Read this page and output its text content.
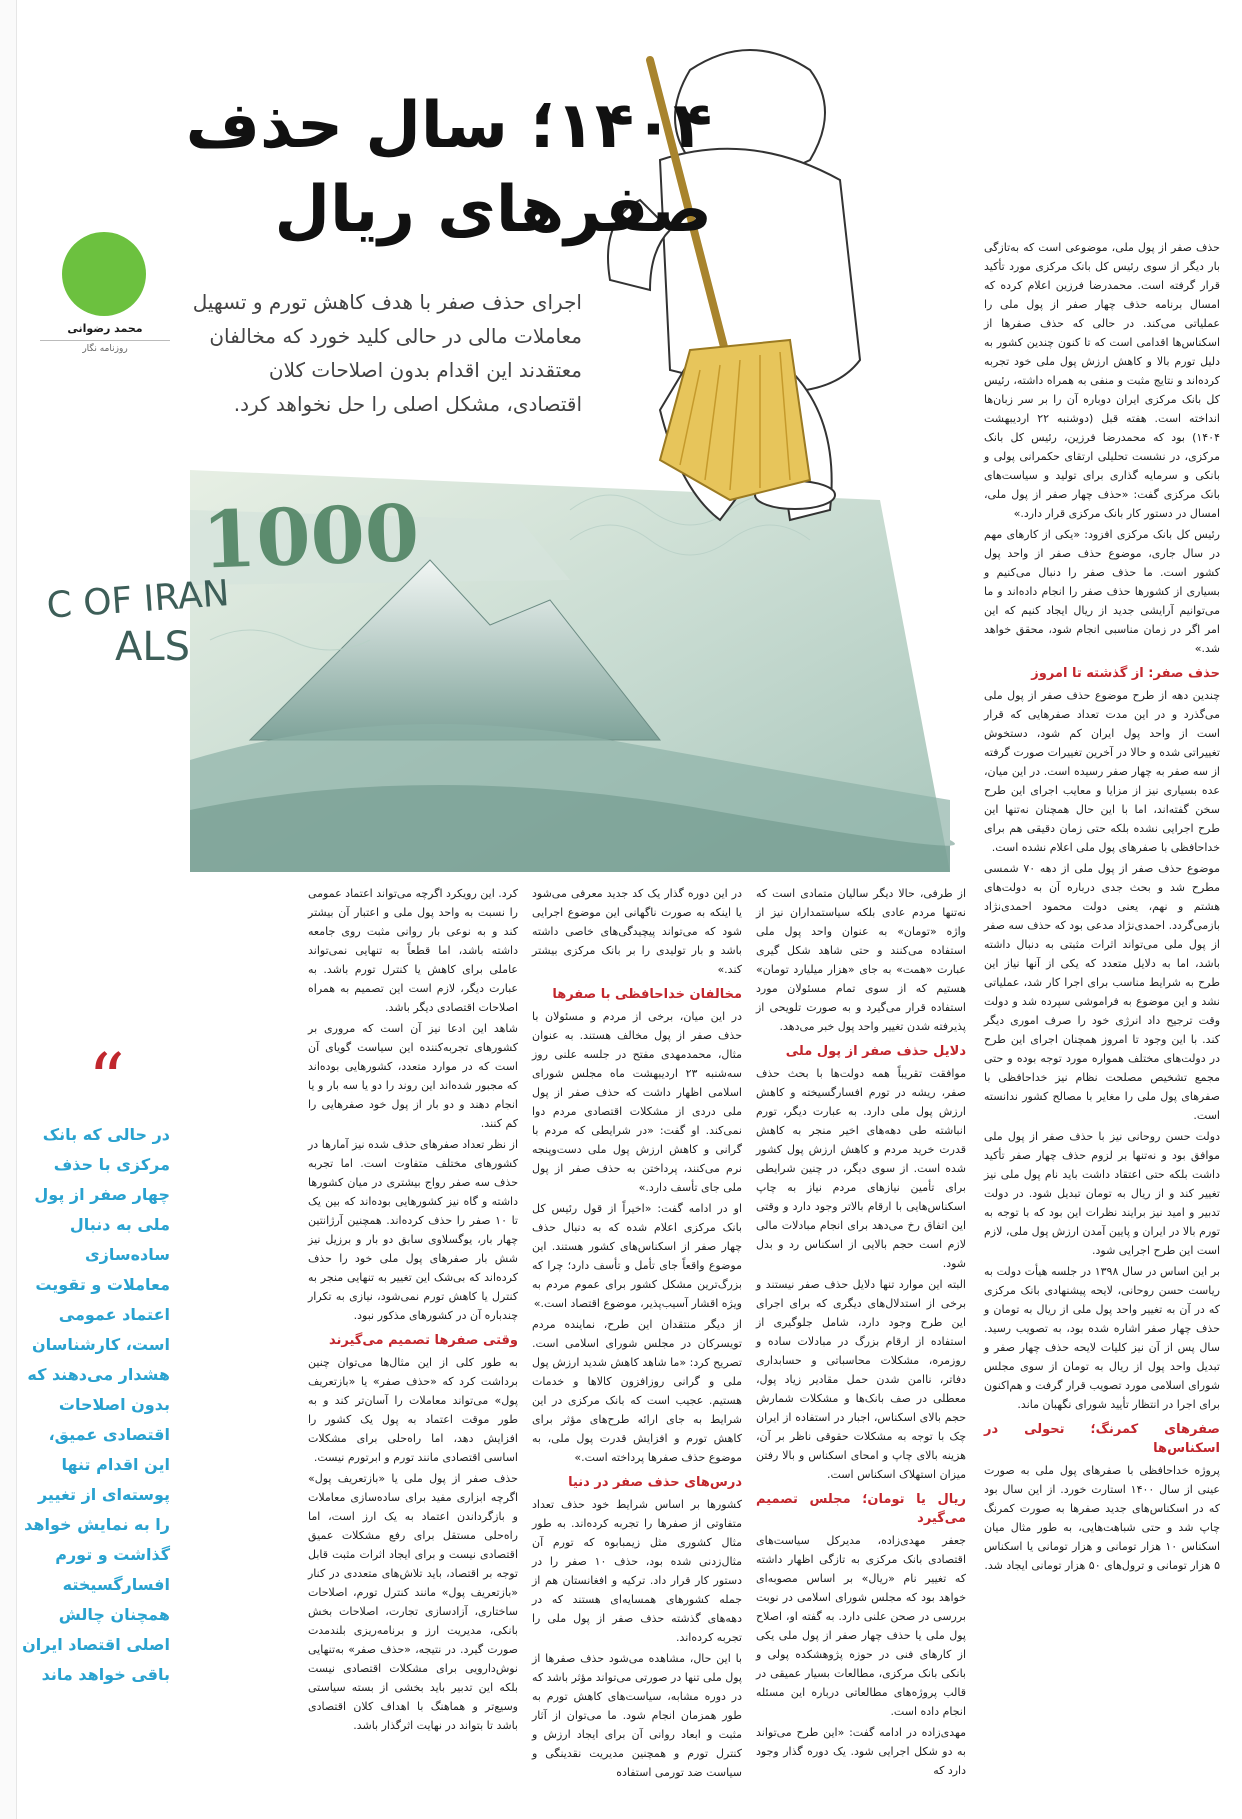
1000
C OF IRAN
ALS
۱۴۰۴؛ سال حذف
صفرهای ریال
اجرای حذف صفر با هدف کاهش تورم و تسهیل معاملات مالی در حالی کلید خورد که مخالفان معتقدند این اقدام بدون اصلاحات کلان اقتصادی، مشکل اصلی را حل نخواهد کرد.
محمد رضوانی
روزنامه نگار

حذف صفر از پول ملی، موضوعی است که به‌تازگی بار دیگر از سوی رئیس کل بانک مرکزی مورد تأکید قرار گرفته است. محمدرضا فرزین اعلام کرده که امسال برنامه حذف چهار صفر از پول ملی را عملیاتی می‌کند. در حالی که حذف صفرها از اسکناس‌ها اقدامی است که تا کنون چندین کشور به دلیل تورم بالا و کاهش ارزش پول ملی خود تجربه کرده‌اند و نتایج مثبت و منفی به همراه داشته، رئیس کل بانک مرکزی ایران دوباره آن را بر سر زبان‌ها انداخته است. هفته قبل (دوشنبه ۲۲ اردیبهشت ۱۴۰۴) بود که محمدرضا فرزین، رئیس کل بانک مرکزی، در نشست تحلیلی ارتقای حکمرانی پولی و بانکی و سرمایه گذاری برای تولید و سیاست‌های بانک مرکزی گفت: «حذف چهار صفر از پول ملی، امسال در دستور کار بانک مرکزی قرار دارد.»

رئیس کل بانک مرکزی افزود: «یکی از کارهای مهم در سال جاری، موضوع حذف صفر از واحد پول کشور است. ما حذف صفر را دنبال می‌کنیم و بسیاری از کشورها حذف صفر را انجام داده‌اند و ما می‌توانیم آرایشی جدید از ریال ایجاد کنیم که این امر اگر در زمان مناسبی انجام شود، محقق خواهد شد.»

حذف صفر: از گذشته تا امروز

چندین دهه از طرح موضوع حذف صفر از پول ملی می‌گذرد و در این مدت تعداد صفرهایی که قرار است از واحد پول ایران کم شود، دستخوش تغییراتی شده و حالا در آخرین تغییرات صورت گرفته از سه صفر به چهار صفر رسیده است. در این میان، عده بسیاری نیز از مزایا و معایب اجرای این طرح سخن گفته‌اند، اما با این حال همچنان نه‌تنها این طرح اجرایی نشده بلکه حتی زمان دقیقی هم برای خداحافظی با صفرهای پول ملی اعلام نشده است.

موضوع حذف صفر از پول ملی از دهه ۷۰ شمسی مطرح شد و بحث جدی درباره آن به دولت‌های هشتم و نهم، یعنی دولت محمود احمدی‌نژاد بازمی‌گردد. احمدی‌نژاد مدعی بود که حذف سه صفر از پول ملی می‌تواند اثرات مثبتی به دنبال داشته باشد، اما به دلایل متعدد که یکی از آنها نیاز این طرح به شرایط مناسب برای اجرا کار شد، عملیاتی نشد و این موضوع به فراموشی سپرده شد و دولت وقت ترجیح داد انرژی خود را صرف اموری دیگر کند. با این وجود تا امروز همچنان اجرای این طرح در دولت‌های مختلف همواره مورد توجه بوده و حتی مجمع تشخیص مصلحت نظام نیز خداحافظی با صفرهای پول ملی را مغایر با مصالح کشور ندانسته است.

دولت حسن روحانی نیز با حذف صفر از پول ملی موافق بود و نه‌تنها بر لزوم حذف چهار صفر تأکید داشت بلکه حتی اعتقاد داشت باید نام پول ملی نیز تغییر کند و از ریال به تومان تبدیل شود. در دولت تدبیر و امید نیز برایند نظرات این بود که با توجه به تورم بالا در ایران و پایین آمدن ارزش پول ملی، لازم است این طرح اجرایی شود.

بر این اساس در سال ۱۳۹۸ در جلسه هیأت دولت به ریاست حسن روحانی، لایحه پیشنهادی بانک مرکزی که در آن به تغییر واحد پول ملی از ریال به تومان و حذف چهار صفر اشاره شده بود، به تصویب رسید. سال پس از آن نیز کلیات لایحه حذف چهار صفر و تبدیل واحد پول از ریال به تومان از سوی مجلس شورای اسلامی مورد تصویب قرار گرفت و هم‌اکنون برای اجرا در انتظار تأیید شورای نگهبان ماند.

صفرهای کمرنگ؛ تحولی در اسکناس‌ها

پروژه خداحافظی با صفرهای پول ملی به صورت عینی از سال ۱۴۰۰ استارت خورد. از این سال بود که در اسکناس‌های جدید صفرها به صورت کمرنگ چاپ شد و حتی شباهت‌هایی، به طور مثال میان اسکناس ۱۰ هزار تومانی و هزار تومانی یا اسکناس ۵ هزار تومانی و ترول‌های ۵۰ هزار تومانی ایجاد شد.

از طرفی، حالا دیگر سالیان متمادی است که نه‌تنها مردم عادی بلکه سیاستمداران نیز از واژه «تومان» به عنوان واحد پول ملی استفاده می‌کنند و حتی شاهد شکل گیری عبارت «همت» به جای «هزار میلیارد تومان» هستیم که از سوی تمام مسئولان مورد استفاده قرار می‌گیرد و به صورت تلویحی از پذیرفته شدن تغییر واحد پول خبر می‌دهد.

دلایل حذف صفر از پول ملی

موافقت تقریباً همه دولت‌ها با بحث حذف صفر، ریشه در تورم افسارگسیخته و کاهش ارزش پول ملی دارد. به عبارت دیگر، تورم انباشته طی دهه‌های اخیر منجر به کاهش قدرت خرید مردم و کاهش ارزش پول کشور شده است. از سوی دیگر، در چنین شرایطی برای تأمین نیازهای مردم نیاز به چاپ اسکناس‌هایی با ارقام بالاتر وجود دارد و وقتی این اتفاق رخ می‌دهد برای انجام مبادلات مالی لازم است حجم بالایی از اسکناس رد و بدل شود.

البته این موارد تنها دلایل حذف صفر نیستند و برخی از استدلال‌های دیگری که برای اجرای این طرح وجود دارد، شامل جلوگیری از استفاده از ارقام بزرگ در مبادلات ساده و روزمره، مشکلات محاسباتی و حسابداری دفاتر، ناامن شدن حمل مقادیر زیاد پول، معطلی در صف بانک‌ها و مشکلات شمارش حجم بالای اسکناس، اجبار در استفاده از ایران چک با توجه به مشکلات حقوقی ناظر بر آن، هزینه بالای چاپ و امحای اسکناس و بالا رفتن میزان استهلاک اسکناس است.

ریال یا تومان؛ مجلس تصمیم می‌گیرد

جعفر مهدی‌زاده، مدیرکل سیاست‌های اقتصادی بانک مرکزی به تازگی اظهار داشته که تغییر نام «ریال» بر اساس مصوبه‌ای خواهد بود که مجلس شورای اسلامی در نوبت بررسی در صحن علنی دارد. به گفته او، اصلاح پول ملی یا حذف چهار صفر از پول ملی یکی از کارهای فنی در حوزه پژوهشکده پولی و بانکی بانک مرکزی، مطالعات بسیار عمیقی در قالب پروژه‌های مطالعاتی درباره این مسئله انجام داده است.

مهدی‌زاده در ادامه گفت: «این طرح می‌تواند به دو شکل اجرایی شود. یک دوره گذار وجود دارد که

در این دوره گذار یک کد جدید معرفی می‌شود یا اینکه به صورت ناگهانی این موضوع اجرایی شود که می‌تواند پیچیدگی‌های خاصی داشته باشد و بار تولیدی را بر بانک مرکزی بیشتر کند.»

مخالفان خداحافظی با صفرها

در این میان، برخی از مردم و مسئولان با حذف صفر از پول مخالف هستند. به عنوان مثال، محمدمهدی مفتح در جلسه علنی روز سه‌شنبه ۲۳ اردیبهشت ماه مجلس شورای اسلامی اظهار داشت که حذف صفر از پول ملی دردی از مشکلات اقتصادی مردم دوا نمی‌کند. او گفت: «در شرایطی که مردم با گرانی و کاهش ارزش پول ملی دست‌وپنجه نرم می‌کنند، پرداختن به حذف صفر از پول ملی جای تأسف دارد.»

او در ادامه گفت: «اخیراً از قول رئیس کل بانک مرکزی اعلام شده که به دنبال حذف چهار صفر از اسکناس‌های کشور هستند. این موضوع واقعاً جای تأمل و تأسف دارد؛ چرا که بزرگ‌ترین مشکل کشور برای عموم مردم به ویژه اقشار آسیب‌پذیر، موضوع اقتصاد است.»

از دیگر منتقدان این طرح، نماینده مردم تویسرکان در مجلس شورای اسلامی است. تصریح کرد: «ما شاهد کاهش شدید ارزش پول ملی و گرانی روزافزون کالاها و خدمات هستیم. عجیب است که بانک مرکزی در این شرایط به جای ارائه طرح‌های مؤثر برای کاهش تورم و افزایش قدرت پول ملی، به موضوع حذف صفرها پرداخته است.»

درس‌های حذف صفر در دنیا

کشورها بر اساس شرایط خود حذف تعداد متفاوتی از صفرها را تجربه کرده‌اند. به طور مثال کشوری مثل زیمبابوه که تورم آن مثال‌زدنی شده بود، حذف ۱۰ صفر را در دستور کار قرار داد. ترکیه و افغانستان هم از جمله کشورهای همسایه‌ای هستند که در دهه‌های گذشته حذف صفر از پول ملی را تجربه کرده‌اند.

با این حال، مشاهده می‌شود حذف صفرها از پول ملی تنها در صورتی می‌تواند مؤثر باشد که در دوره مشابه، سیاست‌های کاهش تورم به طور همزمان انجام شود. ما می‌توان از آثار مثبت و ابعاد روانی آن برای ایجاد ارزش و کنترل تورم و همچنین مدیریت نقدینگی و سیاست ضد تورمی استفاده

کرد. این رویکرد اگرچه می‌تواند اعتماد عمومی را نسبت به واحد پول ملی و اعتبار آن بیشتر کند و به نوعی بار روانی مثبت روی جامعه داشته باشد، اما قطعاً به تنهایی نمی‌تواند عاملی برای کاهش یا کنترل تورم باشد. به عبارت دیگر، لازم است این تصمیم به همراه اصلاحات اقتصادی دیگر باشد.

شاهد این ادعا نیز آن است که مروری بر کشورهای تجربه‌کننده این سیاست گویای آن است که در موارد متعدد، کشورهایی بوده‌اند که مجبور شده‌اند این روند را دو یا سه بار و یا انجام دهند و دو بار از پول خود صفرهایی را کم کنند.

از نظر تعداد صفرهای حذف شده نیز آمارها در کشورهای مختلف متفاوت است. اما تجربه حذف سه صفر رواج بیشتری در میان کشورها داشته و گاه نیز کشورهایی بوده‌اند که بین یک تا ۱۰ صفر را حذف کرده‌اند. همچنین آرژانتین چهار بار، یوگسلاوی سابق دو بار و برزیل نیز شش بار صفرهای پول ملی خود را حذف کرده‌اند که بی‌شک این تغییر به تنهایی منجر به کنترل یا کاهش تورم نمی‌شود، نیازی به تکرار چندباره آن در کشورهای مذکور نبود.

وقتی صفرها تصمیم می‌گیرند

به طور کلی از این مثال‌ها می‌توان چنین برداشت کرد که «حذف صفر» یا «بازتعریف پول» می‌تواند معاملات را آسان‌تر کند و به طور موقت اعتماد به پول یک کشور را افزایش دهد، اما راه‌حلی برای مشکلات اساسی اقتصادی مانند تورم و ابرتورم نیست.

حذف صفر از پول ملی یا «بازتعریف پول» اگرچه ابزاری مفید برای ساده‌سازی معاملات و بازگرداندن اعتماد به یک ارز است، اما راه‌حلی مستقل برای رفع مشکلات عمیق اقتصادی نیست و برای ایجاد اثرات مثبت قابل توجه بر اقتصاد، باید تلاش‌های متعددی در کنار «بازتعریف پول» مانند کنترل تورم، اصلاحات ساختاری، آزادسازی تجارت، اصلاحات بخش بانکی، مدیریت ارز و برنامه‌ریزی بلندمدت صورت گیرد. در نتیجه، «حذف صفر» به‌تنهایی نوش‌دارویی برای مشکلات اقتصادی نیست بلکه این تدبیر باید بخشی از بسته سیاستی وسیع‌تر و هماهنگ با اهداف کلان اقتصادی باشد تا بتواند در نهایت اثرگذار باشد.

“
در حالی که بانک مرکزی با حذف چهار صفر از پول ملی به دنبال ساده‌سازی معاملات و تقویت اعتماد عمومی است، کارشناسان هشدار می‌دهند که بدون اصلاحات اقتصادی عمیق، این اقدام تنها پوسته‌ای از تغییر را به نمایش خواهد گذاشت و تورم افسارگسیخته همچنان چالش اصلی اقتصاد ایران باقی خواهد ماند
